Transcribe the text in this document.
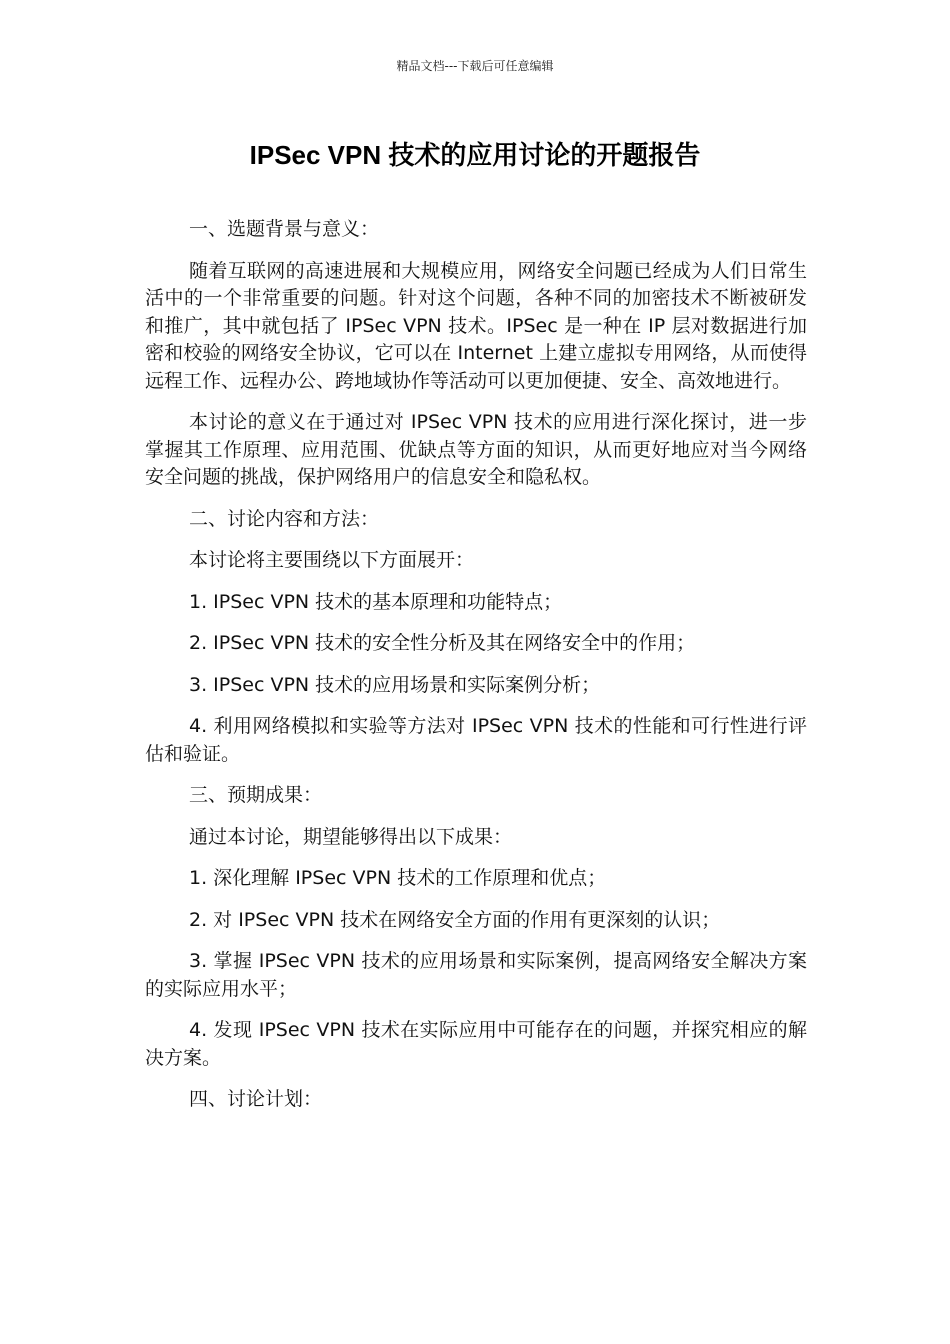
精品文档---下载后可任意编辑
IPSec VPN 技术的应用讨论的开题报告

一、选题背景与意义：

随着互联网的高速进展和大规模应用，网络安全问题已经成为人们日常生活中的一个非常重要的问题。针对这个问题，各种不同的加密技术不断被研发和推广，其中就包括了 IPSec VPN 技术。IPSec 是一种在 IP 层对数据进行加密和校验的网络安全协议，它可以在 Internet 上建立虚拟专用网络，从而使得远程工作、远程办公、跨地域协作等活动可以更加便捷、安全、高效地进行。

本讨论的意义在于通过对 IPSec VPN 技术的应用进行深化探讨，进一步掌握其工作原理、应用范围、优缺点等方面的知识，从而更好地应对当今网络安全问题的挑战，保护网络用户的信息安全和隐私权。

二、讨论内容和方法：

本讨论将主要围绕以下方面展开：

1. IPSec VPN 技术的基本原理和功能特点；

2. IPSec VPN 技术的安全性分析及其在网络安全中的作用；

3. IPSec VPN 技术的应用场景和实际案例分析；

4. 利用网络模拟和实验等方法对 IPSec VPN 技术的性能和可行性进行评估和验证。

三、预期成果：

通过本讨论，期望能够得出以下成果：

1. 深化理解 IPSec VPN 技术的工作原理和优点；

2. 对 IPSec VPN 技术在网络安全方面的作用有更深刻的认识；

3. 掌握 IPSec VPN 技术的应用场景和实际案例，提高网络安全解决方案的实际应用水平；

4. 发现 IPSec VPN 技术在实际应用中可能存在的问题，并探究相应的解决方案。

四、讨论计划：
